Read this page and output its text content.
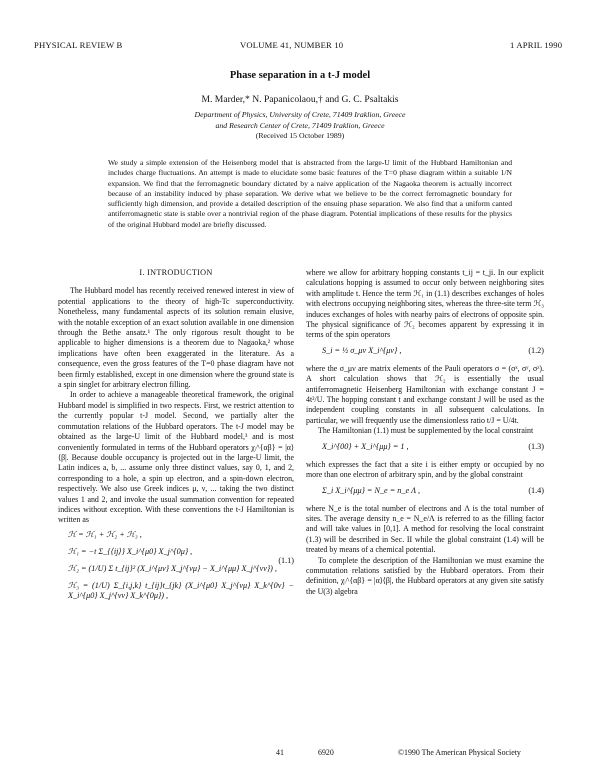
PHYSICAL REVIEW B	VOLUME 41, NUMBER 10	1 APRIL 1990
Phase separation in a t-J model
M. Marder,* N. Papanicolaou,† and G. C. Psaltakis
Department of Physics, University of Crete, 71409 Iraklion, Greece
and Research Center of Crete, 71409 Iraklion, Greece
(Received 15 October 1989)
We study a simple extension of the Heisenberg model that is abstracted from the large-U limit of the Hubbard Hamiltonian and includes charge fluctuations. An attempt is made to elucidate some basic features of the T=0 phase diagram within a suitable 1/N expansion. We find that the ferromagnetic boundary dictated by a naive application of the Nagaoka theorem is actually incorrect because of an instability induced by phase separation. We derive what we believe to be the correct ferromagnetic boundary for sufficiently high dimension, and provide a detailed description of the ensuing phase separation. We also find that a uniform canted antiferromagnetic state is stable over a nontrivial region of the phase diagram. Potential implications of these results for the physics of the original Hubbard model are briefly discussed.
I. INTRODUCTION

The Hubbard model has recently received renewed interest in view of potential applications to the theory of high-Tc superconductivity. Nonetheless, many fundamental aspects of its solution remain elusive, with the notable exception of an exact solution available in one dimension through the Bethe ansatz.¹ The only rigorous result thought to be applicable to higher dimensions is a theorem due to Nagaoka,² whose implications have often been exaggerated in the literature. As a consequence, even the gross features of the T=0 phase diagram have not been firmly established, except in one dimension where the ground state is a spin singlet for arbitrary electron filling.

In order to achieve a manageable theoretical framework, the original Hubbard model is simplified in two respects. First, we restrict attention to the currently popular t-J model. Second, we partially alter the commutation relations of the Hubbard operators. The t-J model may be obtained as the large-U limit of the Hubbard model,³ and is most conveniently formulated in terms of the Hubbard operators χᵢ^{αβ} = |α⟩⟨β|. Because double occupancy is projected out in the large-U limit, the Latin indices a, b, ... assume only three distinct values, say 0, 1, and 2, corresponding to a hole, a spin up electron, and a spin-down electron, respectively. We also use Greek indices μ, ν, ... taking the two distinct values 1 and 2, and invoke the usual summation convention for repeated indices without exception. With these conventions the t-J Hamiltonian is written as

ℋ = ℋ₁ + ℋ₂ + ℋ₃ ,
ℋ₁ = −t Σ_{⟨ij⟩} X_i^{μ0} X_j^{0μ} ,
ℋ₂ = (1/U) Σ t_{ij}² (X_i^{μν} X_j^{νμ} − X_i^{μμ} X_j^{νν}) ,
ℋ₃ = (1/U) Σ_{i,j,k} t_{ij}t_{jk} (X_i^{μ0} X_j^{νμ} X_k^{0ν} − X_i^{μ0} X_j^{νν} X_k^{0μ}) ,
(1.1)

where we allow for arbitrary hopping constants t_ij = t_ji. In our explicit calculations hopping is assumed to occur only between neighboring sites with amplitude t. Hence the term ℋ₁ in (1.1) describes exchanges of holes with electrons occupying neighboring sites, whereas the three-site term ℋ₃ induces exchanges of holes with nearby pairs of electrons of opposite spin. The physical significance of ℋ₂ becomes apparent by expressing it in terms of the spin operators

S_i = ½ σ_μν X_i^{μν} ,	(1.2)

where the σ_μν are matrix elements of the Pauli operators σ = (σˣ, σʸ, σᶻ). A short calculation shows that ℋ₂ is essentially the usual antiferromagnetic Heisenberg Hamiltonian with exchange constant J = 4t²/U. The hopping constant t and exchange constant J will be used as the independent coupling constants in all subsequent calculations. In particular, we will frequently use the dimensionless ratio t/J = U/4t.

The Hamiltonian (1.1) must be supplemented by the local constraint

X_i^{00} + X_i^{μμ} = 1 ,	(1.3)

which expresses the fact that a site i is either empty or occupied by no more than one electron of arbitrary spin, and by the global constraint

Σ_i X_i^{μμ} = N_e = n_e Λ ,	(1.4)

where N_e is the total number of electrons and Λ is the total number of sites. The average density n_e = N_e/Λ is referred to as the filling factor and will take values in [0,1]. A method for resolving the local constraint (1.3) will be described in Sec. II while the global constraint (1.4) will be treated by means of a chemical potential.

To complete the description of the Hamiltonian we must examine the commutation relations satisfied by the Hubbard operators. From their definition, χᵢ^{αβ} = |α⟩⟨β|, the Hubbard operators at any given site satisfy the U(3) algebra

41	6920	©1990 The American Physical Society
